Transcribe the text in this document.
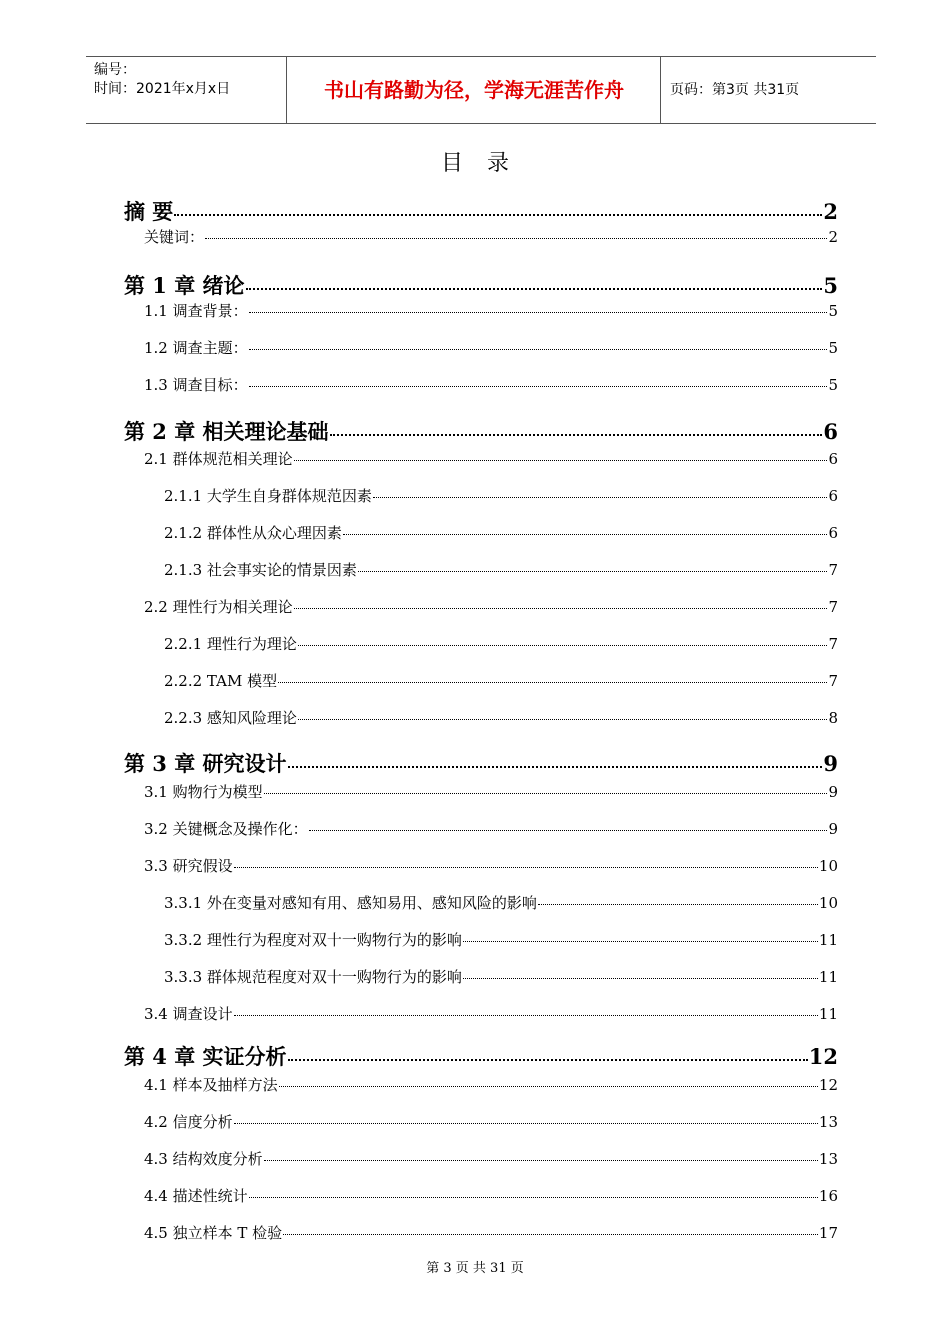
编号：
时间：2021年x月x日	书山有路勤为径，学海无涯苦作舟	页码：第3页 共31页
目录
摘 要	2
关键词：	2
第 1 章 绪论	5
1.1 调查背景：	5
1.2 调查主题：	5
1.3 调查目标：	5
第 2 章 相关理论基础	6
2.1 群体规范相关理论	6
2.1.1 大学生自身群体规范因素	6
2.1.2 群体性从众心理因素	6
2.1.3 社会事实论的情景因素	7
2.2 理性行为相关理论	7
2.2.1 理性行为理论	7
2.2.2 TAM 模型	7
2.2.3 感知风险理论	8
第 3 章 研究设计	9
3.1 购物行为模型	9
3.2 关键概念及操作化：	9
3.3 研究假设	10
3.3.1 外在变量对感知有用、感知易用、感知风险的影响	10
3.3.2 理性行为程度对双十一购物行为的影响	11
3.3.3 群体规范程度对双十一购物行为的影响	11
3.4 调查设计	11
第 4 章 实证分析	12
4.1 样本及抽样方法	12
4.2 信度分析	13
4.3 结构效度分析	13
4.4 描述性统计	16
4.5 独立样本 T 检验	17
第 3 页 共 31 页
